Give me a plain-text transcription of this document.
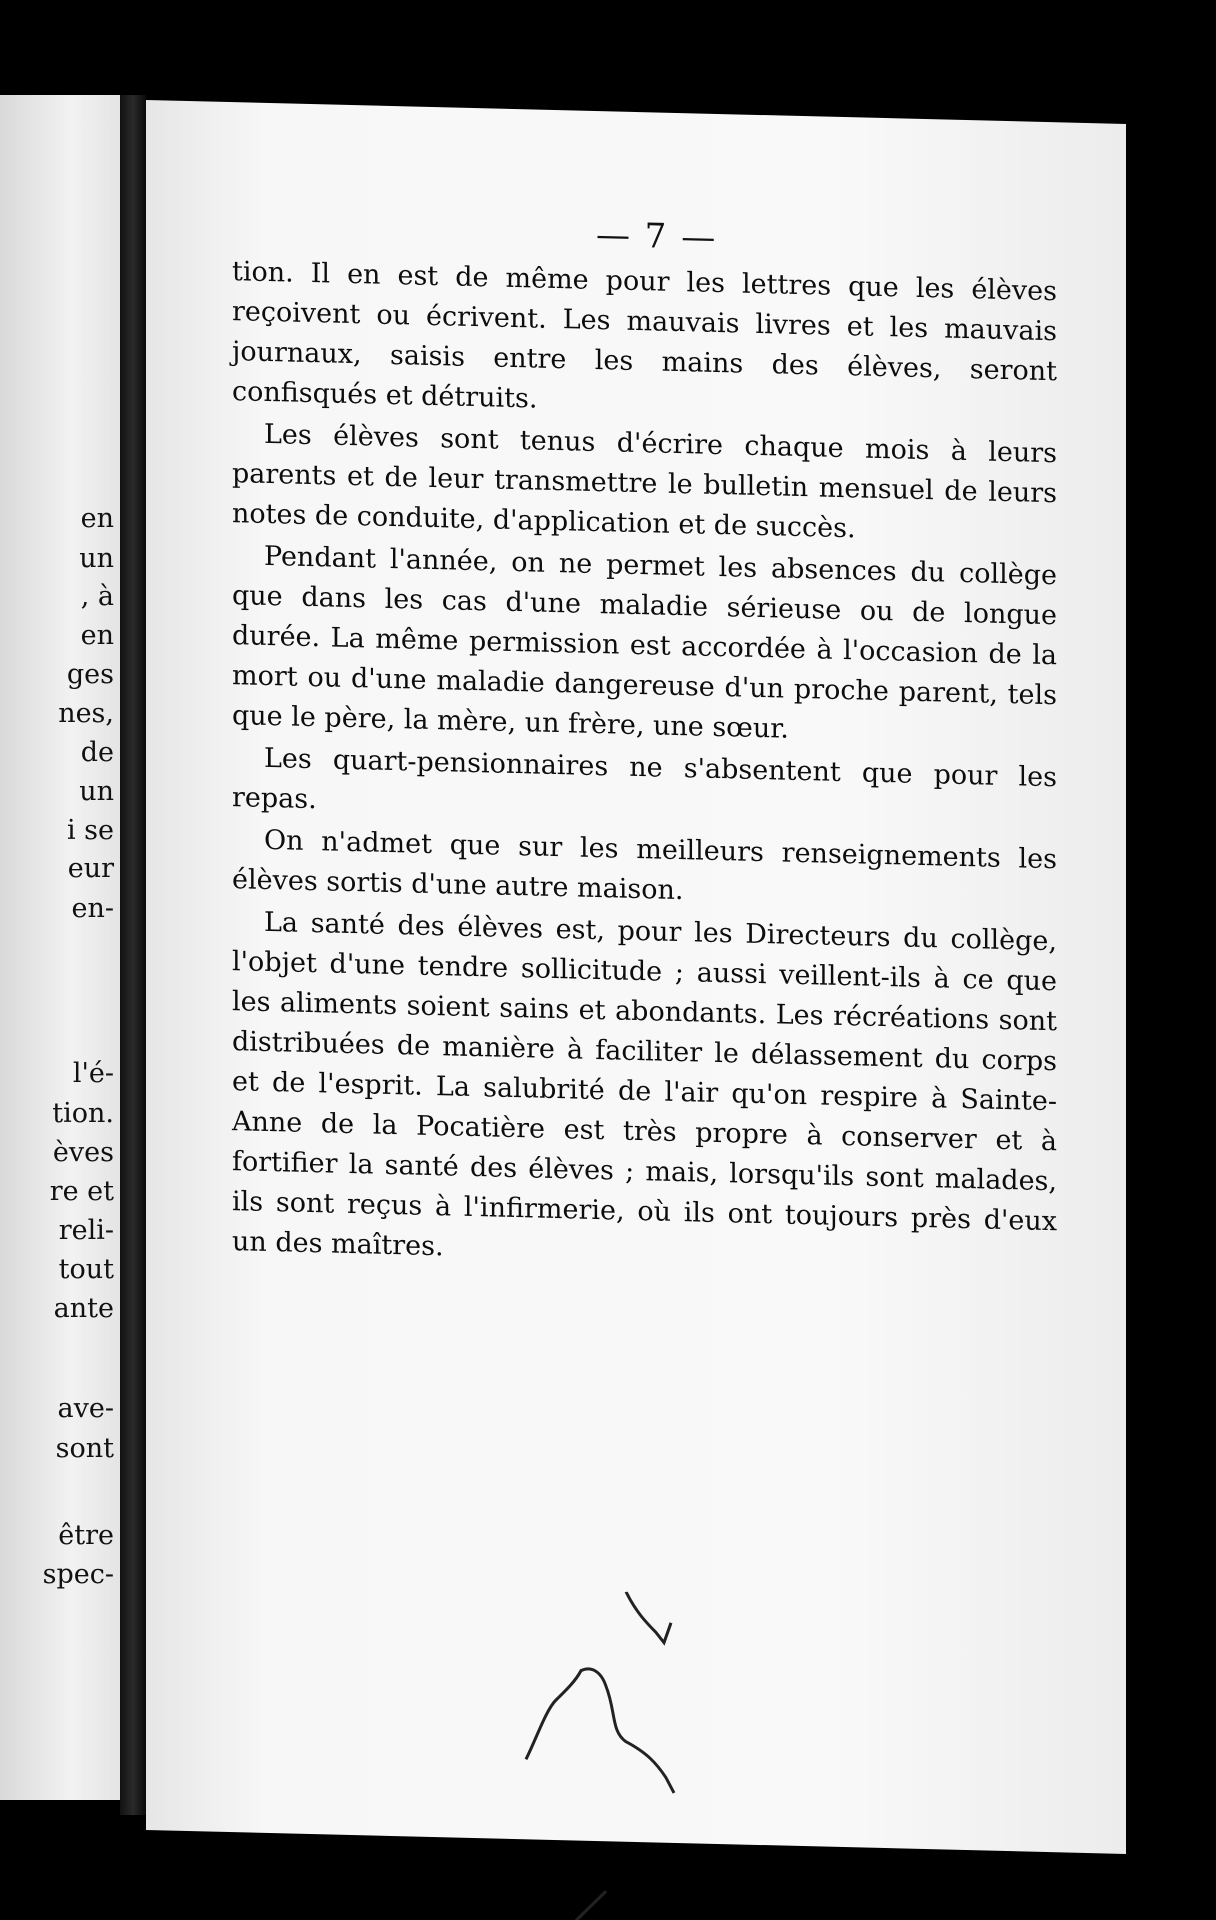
en
un
, à
en
ges
nes,
de
un
i se
eur
en-
l'é-
tion.
èves
re et
reli-
tout
ante
ave-
sont
être
spec-
— 7 —

tion. Il en est de même pour les lettres que les élèves reçoivent ou écrivent. Les mauvais livres et les mauvais journaux, saisis entre les mains des élèves, seront confisqués et détruits.

Les élèves sont tenus d'écrire chaque mois à leurs parents et de leur transmettre le bulletin mensuel de leurs notes de conduite, d'application et de succès.

Pendant l'année, on ne permet les absences du collège que dans les cas d'une maladie sérieuse ou de longue durée. La même permission est accordée à l'occasion de la mort ou d'une maladie dangereuse d'un proche parent, tels que le père, la mère, un frère, une sœur.

Les quart-pensionnaires ne s'absentent que pour les repas.

On n'admet que sur les meilleurs renseignements les élèves sortis d'une autre maison.

La santé des élèves est, pour les Directeurs du collège, l'objet d'une tendre sollicitude ; aussi veillent-ils à ce que les aliments soient sains et abondants. Les récréations sont distribuées de manière à faciliter le délassement du corps et de l'esprit. La salubrité de l'air qu'on respire à Sainte-Anne de la Pocatière est très propre à conserver et à fortifier la santé des élèves ; mais, lorsqu'ils sont malades, ils sont reçus à l'infirmerie, où ils ont toujours près d'eux un des maîtres.
